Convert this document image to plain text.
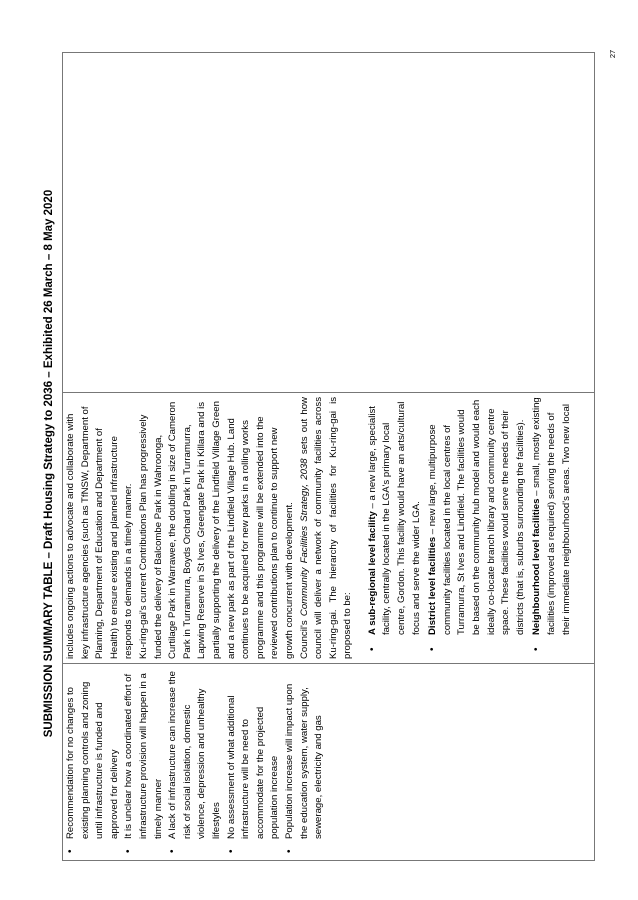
27
SUBMISSION SUMMARY TABLE – Draft Housing Strategy to 2036 – Exhibited 26 March – 8 May 2020
• Recommendation for no changes to existing planning controls and zoning until infrastructure is funded and approved for delivery • It is unclear how a coordinated effort of infrastructure provision will happen in a timely manner • A lack of infrastructure can increase the risk of social isolation, domestic violence, depression and unhealthy lifestyles • No assessment of what additional infrastructure will be need to accommodate for the projected population increase • Population increase will impact upon the education system, water supply, sewerage, electricity and gas

includes ongoing actions to advocate and collaborate with key infrastructure agencies (such as TfNSW, Department of Planning, Department of Education and Department of Health) to ensure existing and planned infrastructure responds to demands in a timely manner. Ku-ring-gai's current Contributions Plan has progressively funded the delivery of Balcombe Park in Wahroonga, Curtilage Park in Warrawee, the doubling in size of Cameron Park in Turramurra, Boyds Orchard Park in Turramurra, Lapwing Reserve in St Ives, Greengate Park in Killara and is partially supporting the delivery of the Lindfield Village Green and a new park as part of the Lindfield Village Hub. Land continues to be acquired for new parks in a rolling works programme and this programme will be extended into the reviewed contributions plan to continue to support new growth concurrent with development. Council's Community Facilities Strategy, 2038 sets out how council will deliver a network of community facilities across Ku-ring-gai. The hierarchy of facilities for Ku-ring-gai is proposed to be: • A sub-regional level facility – a new large, specialist facility, centrally located in the LGA's primary local centre, Gordon. This facility would have an arts/cultural focus and serve the wider LGA. • District level facilities – new large, multipurpose community facilities located in the local centres of Turramurra, St Ives and Lindfield. The facilities would be based on the community hub model and would each ideally co-locate branch library and community centre space. These facilities would serve the needs of their districts (that is, suburbs surrounding the facilities). • Neighbourhood level facilities – small, mostly existing facilities (improved as required) serving the needs of their immediate neighbourhood's areas. Two new local
